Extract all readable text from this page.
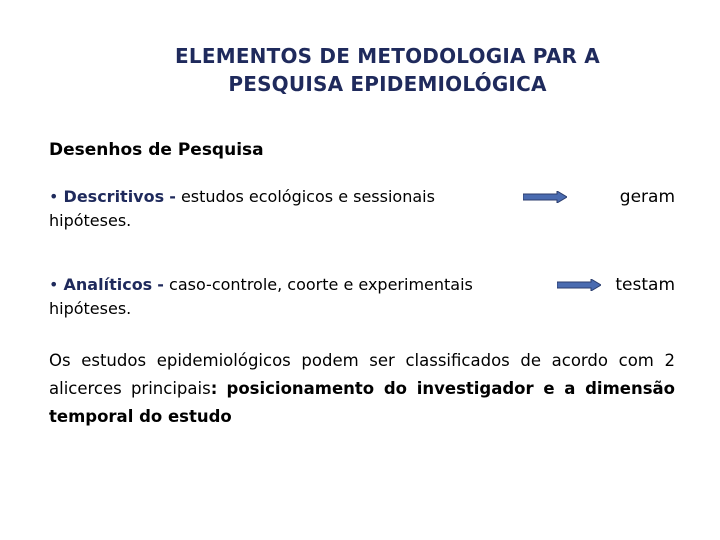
ELEMENTOS DE METODOLOGIA PAR A
PESQUISA EPIDEMIOLÓGICA
Desenhos de Pesquisa
• Descritivos - estudos ecológicos e sessionais	geram
hipóteses.
• Analíticos - caso-controle, coorte e experimentais	testam
hipóteses.
Os estudos epidemiológicos podem ser classificados de acordo com 2 alicerces principais: posicionamento do investigador e a dimensão temporal do estudo
